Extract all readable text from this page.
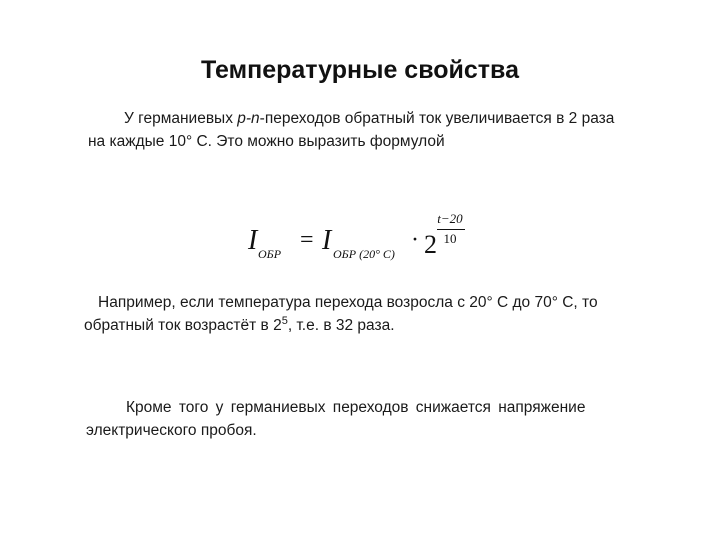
Температурные свойства
У германиевых p-n-переходов обратный ток увеличивается в 2 раза
на каждые 10° С. Это можно выразить формулой
I ОБР
= I ОБР (20° С)
· 2
t−20
10
Например, если температура перехода возросла с 20° С до 70° С, то
обратный ток возрастёт в $2^5$, т.е. в 32 раза.
Кроме того у германиевых переходов снижается напряжение
электрического пробоя.
